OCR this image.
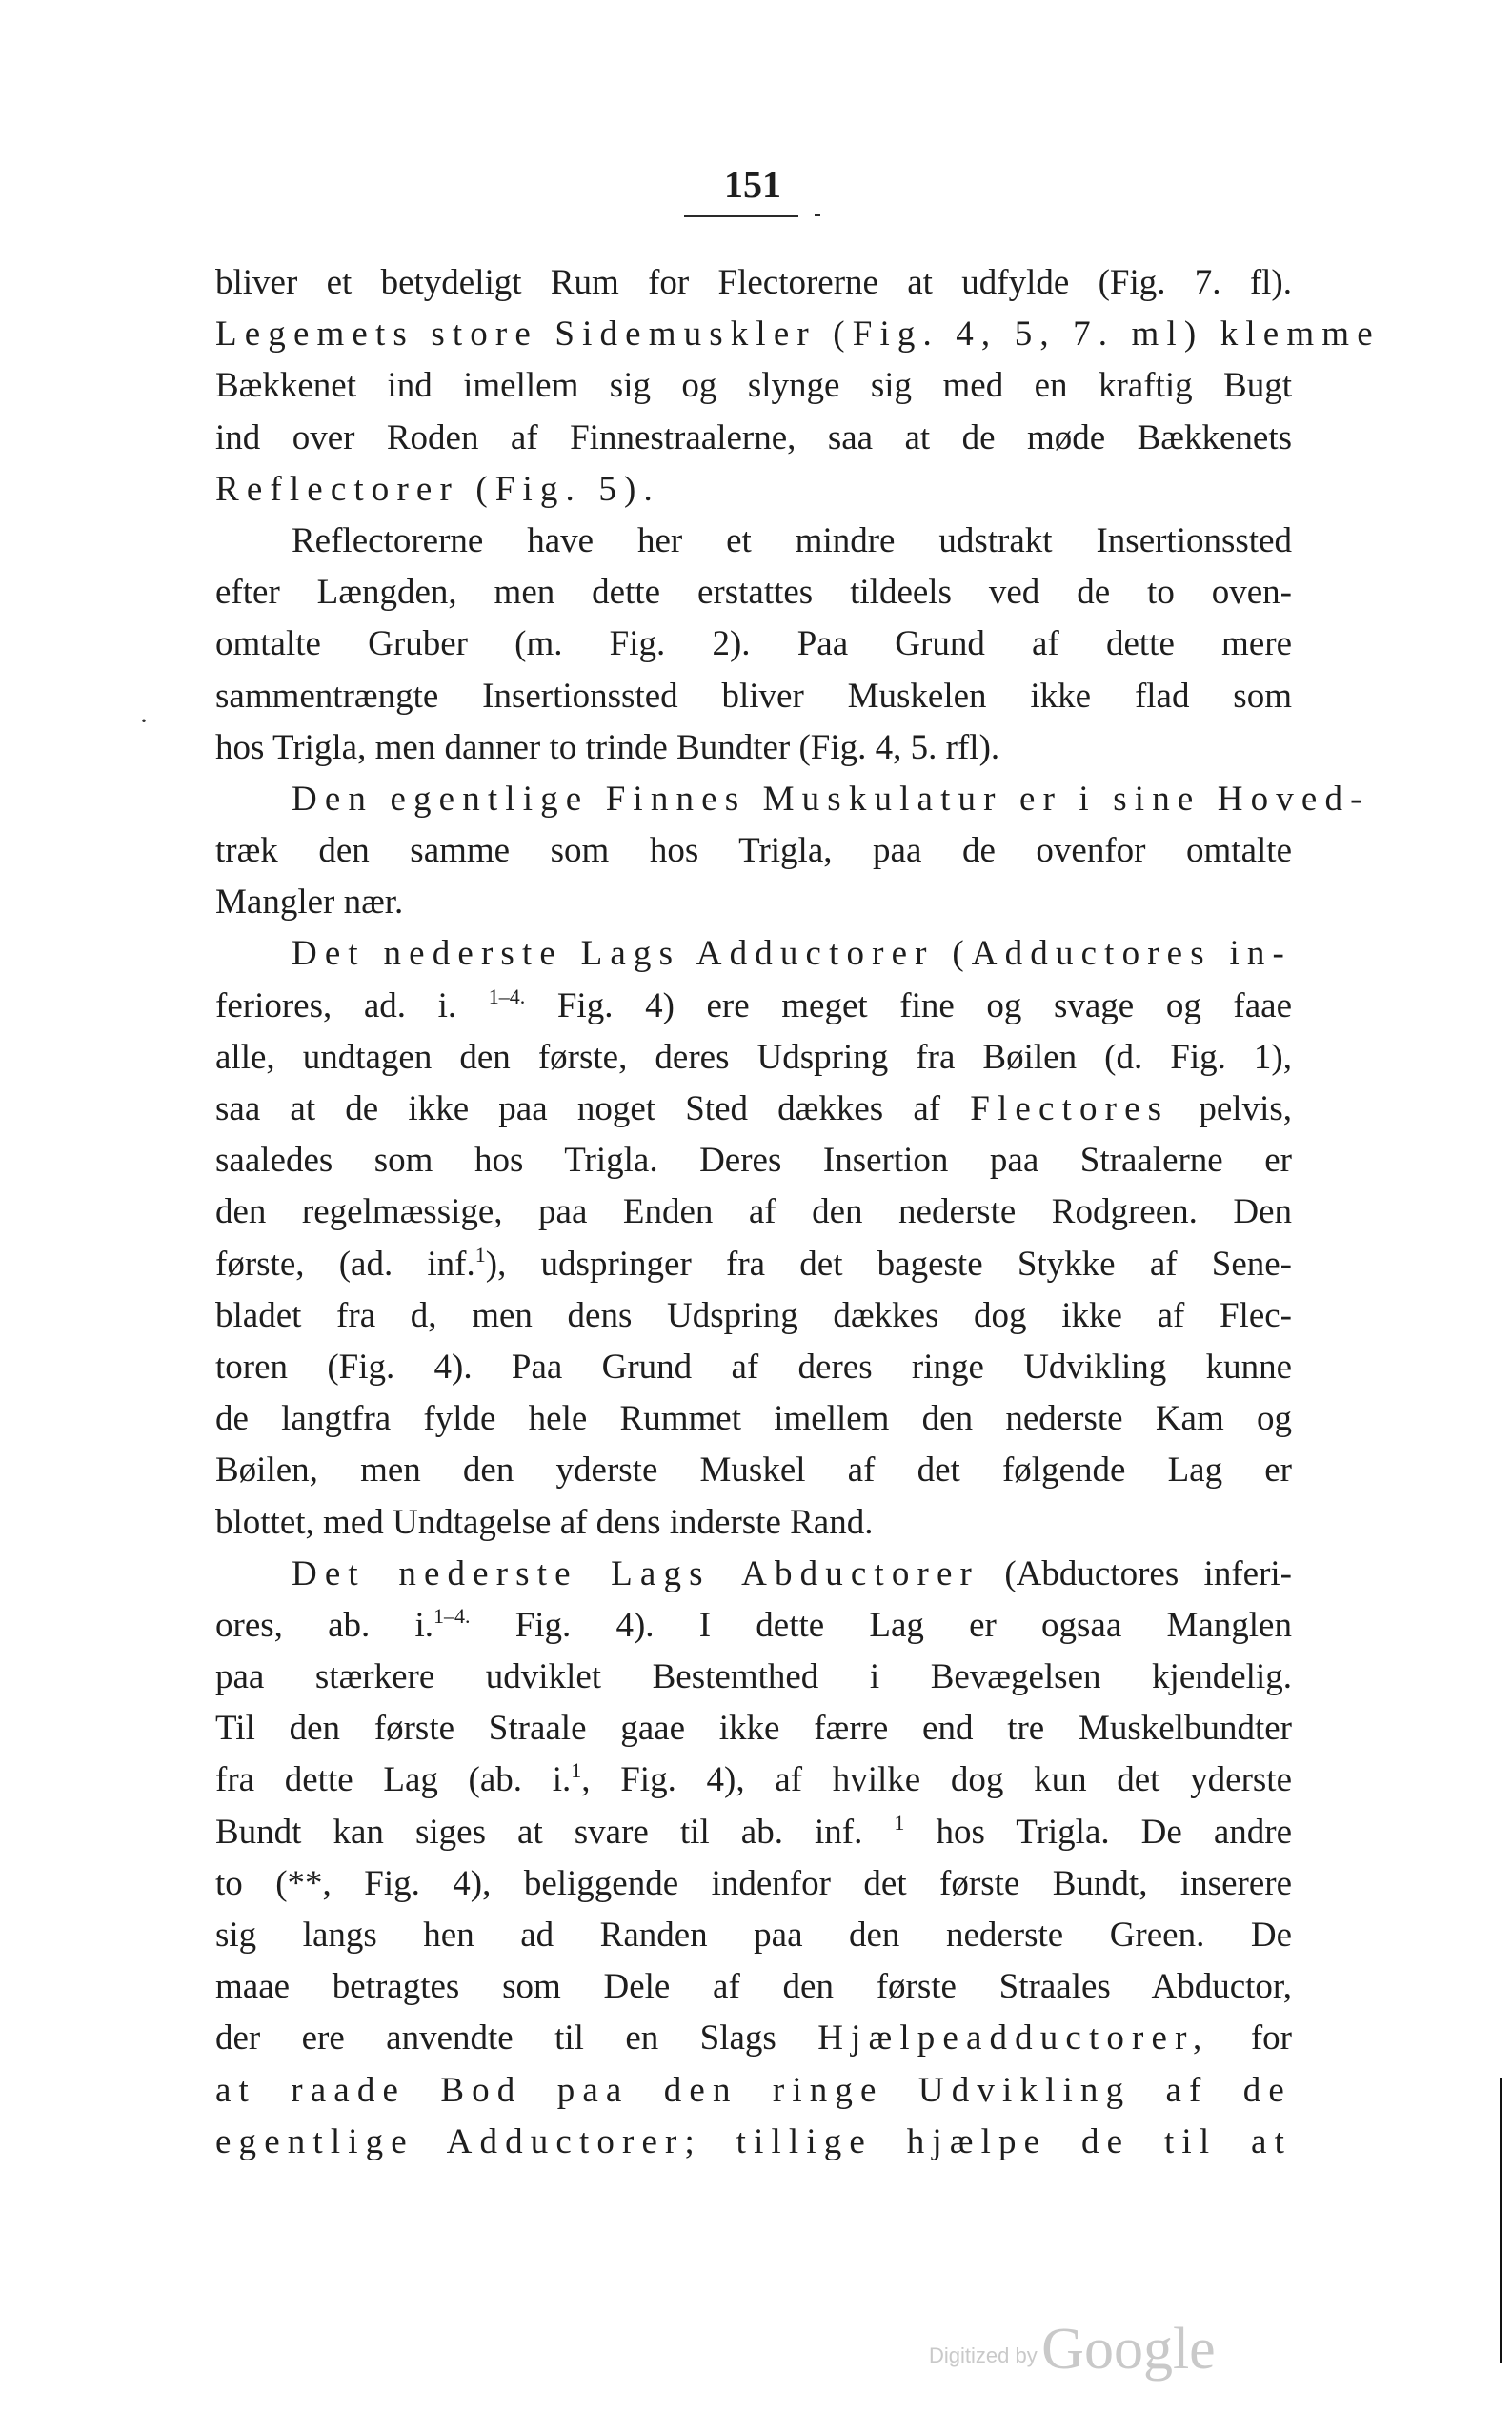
151
·
bliver et betydeligt Rum for Flectorerne at udfylde (Fig. 7. fl).
Legemets store Sidemuskler (Fig. 4, 5, 7. ml) klemme
Bækkenet ind imellem sig og slynge sig med en kraftig Bugt
ind over Roden af Finnestraalerne, saa at de møde Bækkenets
Reflectorer (Fig. 5).
Reflectorerne have her et mindre udstrakt Insertionssted
efter Længden, men dette erstattes tildeels ved de to oven-
omtalte Gruber (m. Fig. 2). Paa Grund af dette mere
sammentrængte Insertionssted bliver Muskelen ikke flad som
hos Trigla, men danner to trinde Bundter (Fig. 4, 5. rfl).
Den egentlige Finnes Muskulatur er i sine Hoved-
træk den samme som hos Trigla, paa de ovenfor omtalte
Mangler nær.
Det nederste Lags Adductorer (Adductores in-
feriores, ad. i. $^{1-4.}$ Fig. 4) ere meget fine og svage og faae
alle, undtagen den første, deres Udspring fra Bøilen (d. Fig. 1),
saa at de ikke paa noget Sted dækkes af Flectores pelvis,
saaledes som hos Trigla. Deres Insertion paa Straalerne er
den regelmæssige, paa Enden af den nederste Rodgreen. Den
første, (ad. inf.$^1$), udspringer fra det bageste Stykke af Sene-
bladet fra d, men dens Udspring dækkes dog ikke af Flec-
toren (Fig. 4). Paa Grund af deres ringe Udvikling kunne
de langtfra fylde hele Rummet imellem den nederste Kam og
Bøilen, men den yderste Muskel af det følgende Lag er
blottet, med Undtagelse af dens inderste Rand.
Det nederste Lags Abductorer (Abductores inferi-
ores, ab. i.$^{1-4.}$ Fig. 4). I dette Lag er ogsaa Manglen
paa stærkere udviklet Bestemthed i Bevægelsen kjendelig.
Til den første Straale gaae ikke færre end tre Muskelbundter
fra dette Lag (ab. i.$^1$, Fig. 4), af hvilke dog kun det yderste
Bundt kan siges at svare til ab. inf. $^1$ hos Trigla. De andre
to (**, Fig. 4), beliggende indenfor det første Bundt, inserere
sig langs hen ad Randen paa den nederste Green. De
maae betragtes som Dele af den første Straales Abductor,
der ere anvendte til en Slags Hjælpeadductorer, for
at raade Bod paa den ringe Udvikling af de
egentlige Adductorer; tillige hjælpe de til at
Digitized by Google
